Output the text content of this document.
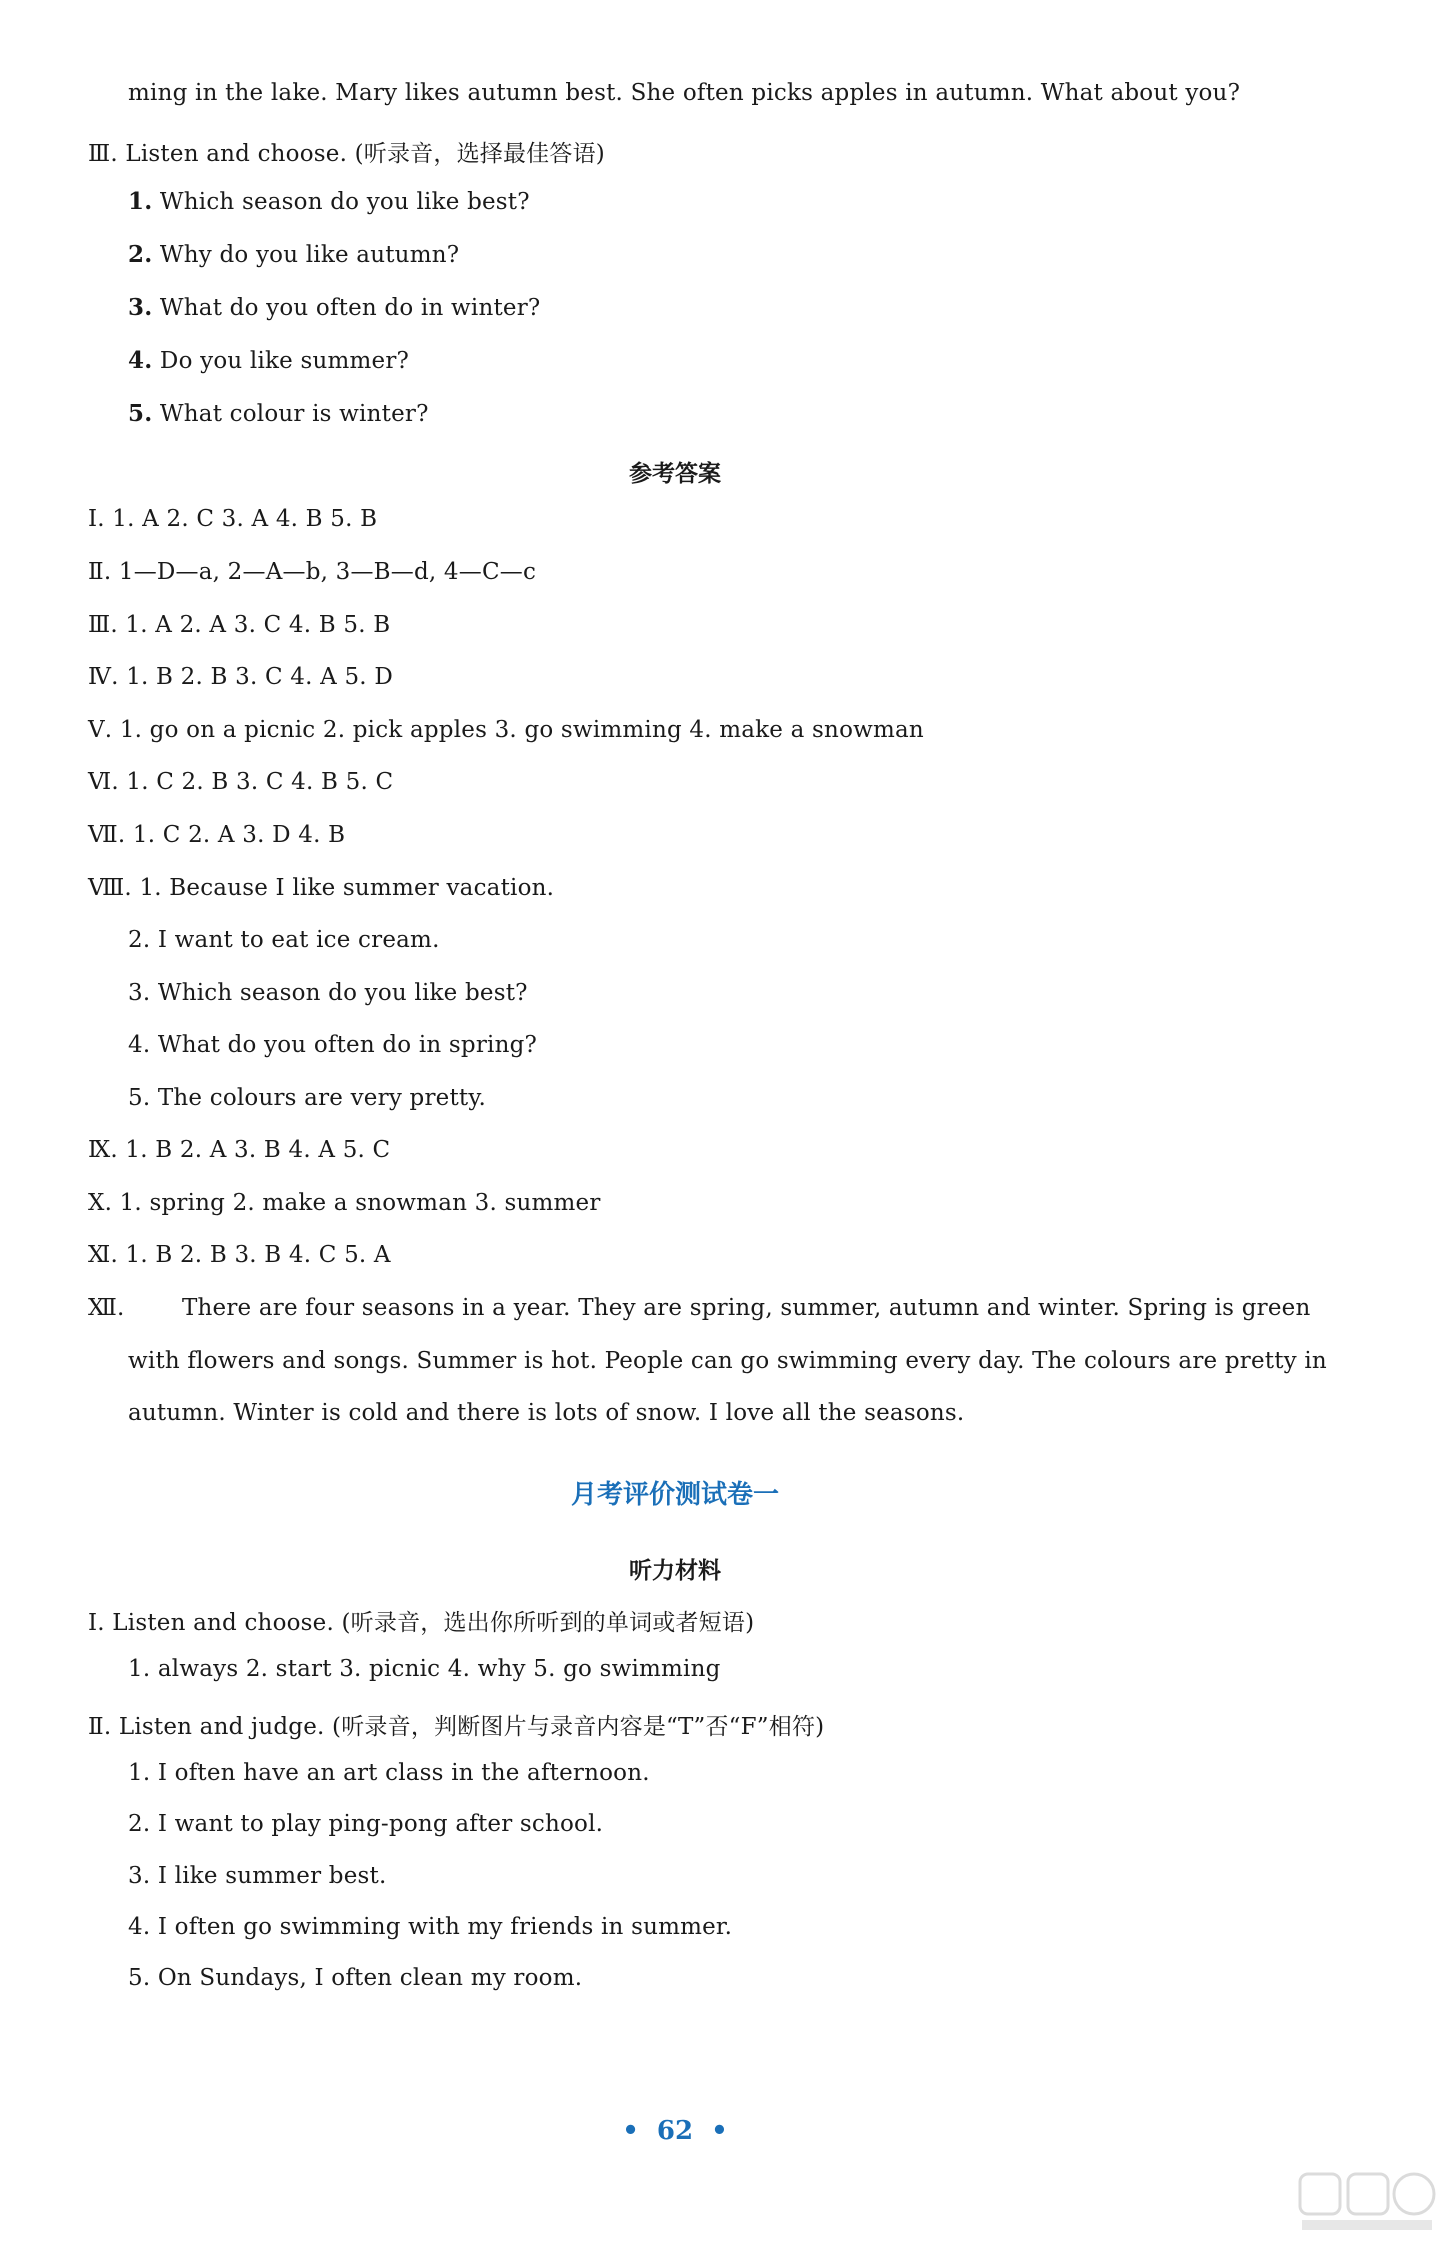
ming in the lake. Mary likes autumn best. She often picks apples in autumn. What about you?
Ⅲ. Listen and choose. (听录音，选择最佳答语)
1. Which season do you like best?
2. Why do you like autumn?
3. What do you often do in winter?
4. Do you like summer?
5. What colour is winter?
参考答案
Ⅰ. 1. A 2. C 3. A 4. B 5. B
Ⅱ. 1—D—a, 2—A—b, 3—B—d, 4—C—c
Ⅲ. 1. A 2. A 3. C 4. B 5. B
Ⅳ. 1. B 2. B 3. C 4. A 5. D
Ⅴ. 1. go on a picnic 2. pick apples 3. go swimming 4. make a snowman
Ⅵ. 1. C 2. B 3. C 4. B 5. C
Ⅶ. 1. C 2. A 3. D 4. B
Ⅷ. 1. Because I like summer vacation.
2. I want to eat ice cream.
3. Which season do you like best?
4. What do you often do in spring?
5. The colours are very pretty.
Ⅸ. 1. B 2. A 3. B 4. A 5. C
Ⅹ. 1. spring 2. make a snowman 3. summer
Ⅺ. 1. B 2. B 3. B 4. C 5. A
Ⅻ. There are four seasons in a year. They are spring, summer, autumn and winter. Spring is green
with flowers and songs. Summer is hot. People can go swimming every day. The colours are pretty in
autumn. Winter is cold and there is lots of snow. I love all the seasons.
月考评价测试卷一
听力材料
Ⅰ. Listen and choose. (听录音，选出你所听到的单词或者短语)
1. always 2. start 3. picnic 4. why 5. go swimming
Ⅱ. Listen and judge. (听录音，判断图片与录音内容是“T”否“F”相符)
1. I often have an art class in the afternoon.
2. I want to play ping-pong after school.
3. I like summer best.
4. I often go swimming with my friends in summer.
5. On Sundays, I often clean my room.
• 62 •
